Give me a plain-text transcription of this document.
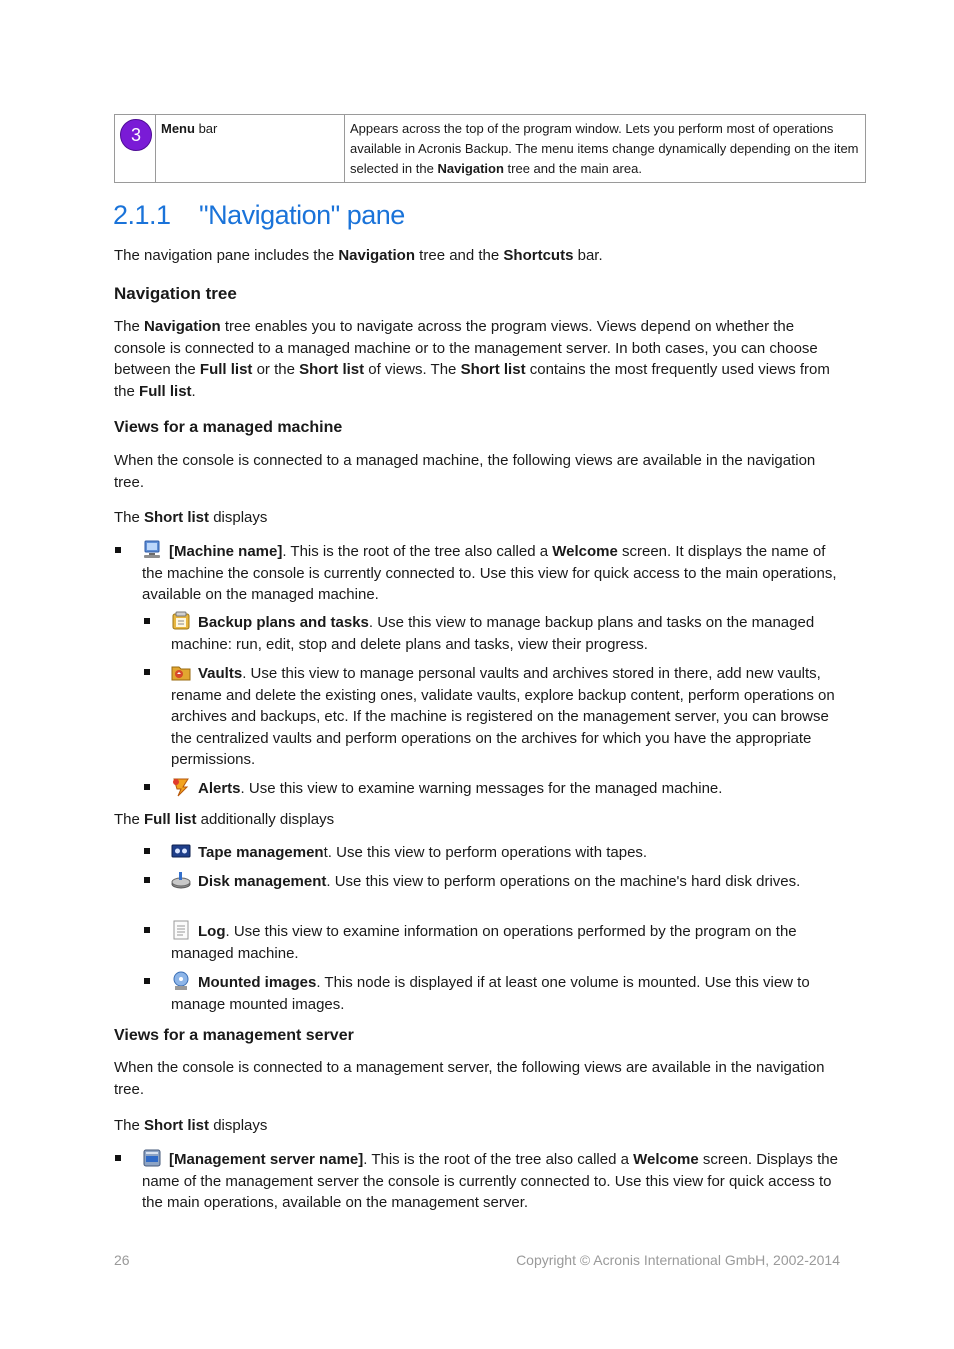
3	Menu bar	Appears across the top of the program window. Lets you perform most of operations available in Acronis Backup. The menu items change dynamically depending on the item selected in the Navigation tree and the main area.
2.1.1 "Navigation" pane

The navigation pane includes the Navigation tree and the Shortcuts bar.

Navigation tree

The Navigation tree enables you to navigate across the program views. Views depend on whether the console is connected to a managed machine or to the management server. In both cases, you can choose between the Full list or the Short list of views. The Short list contains the most frequently used views from the Full list.

Views for a managed machine

When the console is connected to a managed machine, the following views are available in the navigation tree.

The Short list displays

[Machine name]. This is the root of the tree also called a Welcome screen. It displays the name of the machine the console is currently connected to. Use this view for quick access to the main operations, available on the managed machine.
Backup plans and tasks. Use this view to manage backup plans and tasks on the managed machine: run, edit, stop and delete plans and tasks, view their progress.
Vaults. Use this view to manage personal vaults and archives stored in there, add new vaults, rename and delete the existing ones, validate vaults, explore backup content, perform operations on archives and backups, etc. If the machine is registered on the management server, you can browse the centralized vaults and perform operations on the archives for which you have the appropriate permissions.
Alerts. Use this view to examine warning messages for the managed machine.

The Full list additionally displays

Tape management. Use this view to perform operations with tapes.
Disk management. Use this view to perform operations on the machine's hard disk drives.
Log. Use this view to examine information on operations performed by the program on the managed machine.
Mounted images. This node is displayed if at least one volume is mounted. Use this view to manage mounted images.

Views for a management server

When the console is connected to a management server, the following views are available in the navigation tree.

The Short list displays

[Management server name]. This is the root of the tree also called a Welcome screen. Displays the name of the management server the console is currently connected to. Use this view for quick access to the main operations, available on the management server.
26	Copyright © Acronis International GmbH, 2002-2014
